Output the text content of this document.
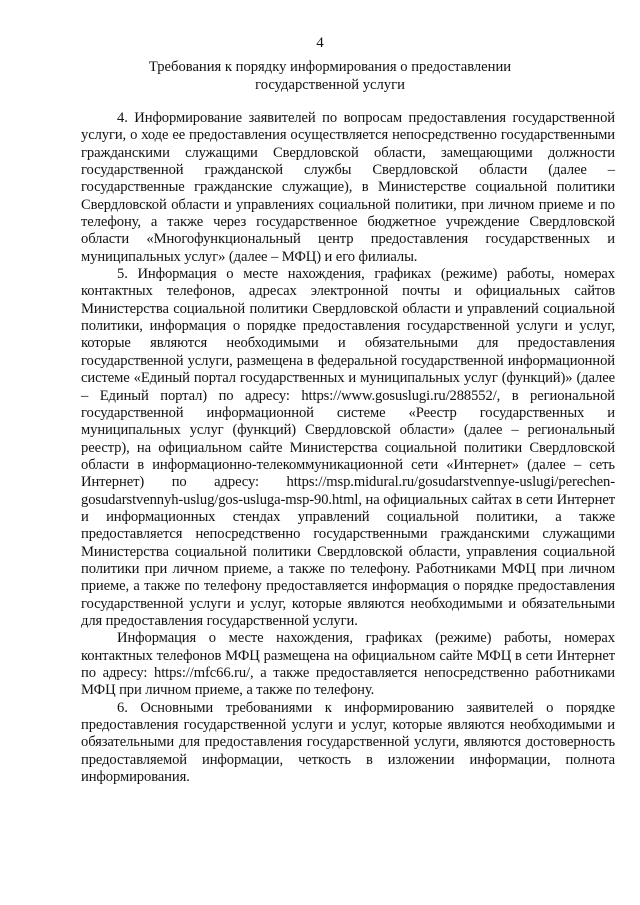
4
Требования к порядку информирования о предоставлении
государственной услуги

4. Информирование заявителей по вопросам предоставления государственной услуги, о ходе ее предоставления осуществляется непосредственно государственными гражданскими служащими Свердловской области, замещающими должности государственной гражданской службы Свердловской области (далее – государственные гражданские служащие), в Министерстве социальной политики Свердловской области и управлениях социальной политики, при личном приеме и по телефону, а также через государственное бюджетное учреждение Свердловской области «Многофункциональный центр предоставления государственных и муниципальных услуг» (далее – МФЦ) и его филиалы.

5. Информация о месте нахождения, графиках (режиме) работы, номерах контактных телефонов, адресах электронной почты и официальных сайтов Министерства социальной политики Свердловской области и управлений социальной политики, информация о порядке предоставления государственной услуги и услуг, которые являются необходимыми и обязательными для предоставления государственной услуги, размещена в федеральной государственной информационной системе «Единый портал государственных и муниципальных услуг (функций)» (далее – Единый портал) по адресу: https://www.gosuslugi.ru/288552/, в региональной государственной информационной системе «Реестр государственных и муниципальных услуг (функций) Свердловской области» (далее – региональный реестр), на официальном сайте Министерства социальной политики Свердловской области в информационно-телекоммуникационной сети «Интернет» (далее – сеть Интернет) по адресу: https://msp.midural.ru/gosudarstvennye-uslugi/perechen-gosudarstvennyh-uslug/gos-usluga-msp-90.html, на официальных сайтах в сети Интернет и информационных стендах управлений социальной политики, а также предоставляется непосредственно государственными гражданскими служащими Министерства социальной политики Свердловской области, управления социальной политики при личном приеме, а также по телефону. Работниками МФЦ при личном приеме, а также по телефону предоставляется информация о порядке предоставления государственной услуги и услуг, которые являются необходимыми и обязательными для предоставления государственной услуги.

Информация о месте нахождения, графиках (режиме) работы, номерах контактных телефонов МФЦ размещена на официальном сайте МФЦ в сети Интернет по адресу: https://mfc66.ru/, а также предоставляется непосредственно работниками МФЦ при личном приеме, а также по телефону.

6. Основными требованиями к информированию заявителей о порядке предоставления государственной услуги и услуг, которые являются необходимыми и обязательными для предоставления государственной услуги, являются достоверность предоставляемой информации, четкость в изложении информации, полнота информирования.
